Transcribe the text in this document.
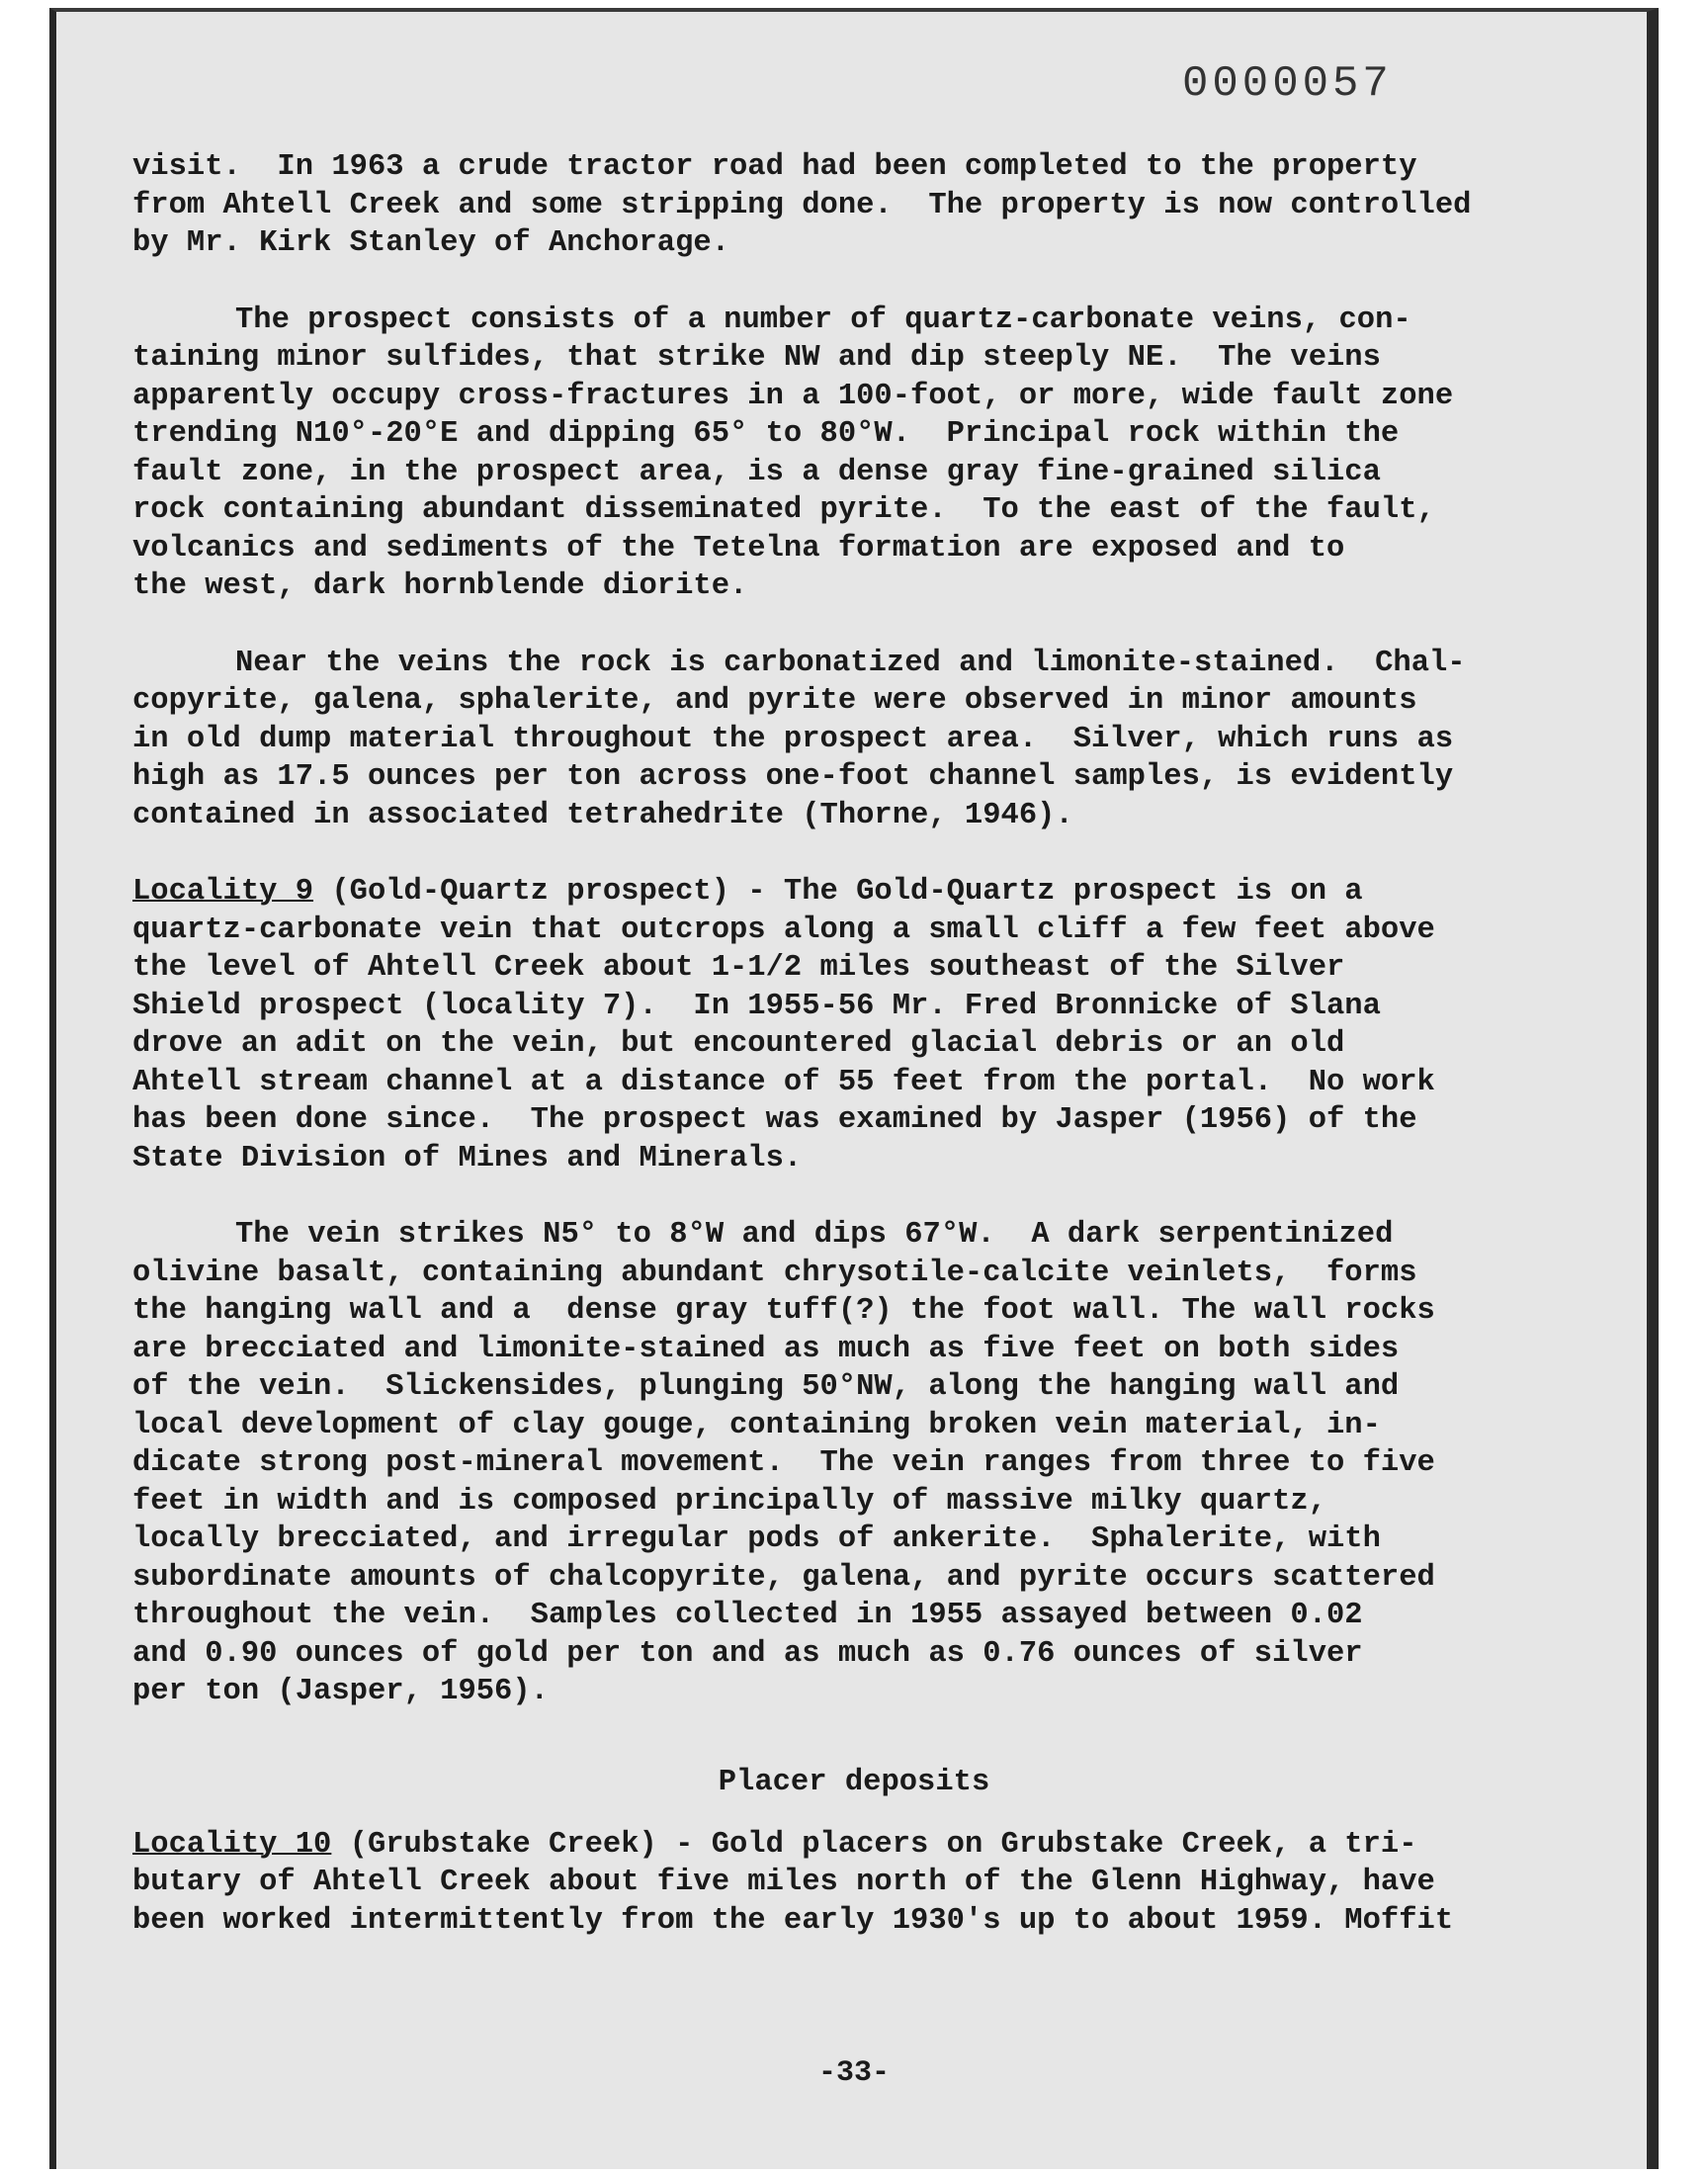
0000057
visit.  In 1963 a crude tractor road had been completed to the property
from Ahtell Creek and some stripping done.  The property is now controlled
by Mr. Kirk Stanley of Anchorage.
The prospect consists of a number of quartz-carbonate veins, con-
taining minor sulfides, that strike NW and dip steeply NE.  The veins
apparently occupy cross-fractures in a 100-foot, or more, wide fault zone
trending N10°-20°E and dipping 65° to 80°W.  Principal rock within the
fault zone, in the prospect area, is a dense gray fine-grained silica
rock containing abundant disseminated pyrite.  To the east of the fault,
volcanics and sediments of the Tetelna formation are exposed and to
the west, dark hornblende diorite.
Near the veins the rock is carbonatized and limonite-stained.  Chal-
copyrite, galena, sphalerite, and pyrite were observed in minor amounts
in old dump material throughout the prospect area.  Silver, which runs as
high as 17.5 ounces per ton across one-foot channel samples, is evidently
contained in associated tetrahedrite (Thorne, 1946).
Locality 9 (Gold-Quartz prospect) - The Gold-Quartz prospect is on a
quartz-carbonate vein that outcrops along a small cliff a few feet above
the level of Ahtell Creek about 1-1/2 miles southeast of the Silver
Shield prospect (locality 7).  In 1955-56 Mr. Fred Bronnicke of Slana
drove an adit on the vein, but encountered glacial debris or an old
Ahtell stream channel at a distance of 55 feet from the portal.  No work
has been done since.  The prospect was examined by Jasper (1956) of the
State Division of Mines and Minerals.
The vein strikes N5° to 8°W and dips 67°W.  A dark serpentinized
olivine basalt, containing abundant chrysotile-calcite veinlets,  forms
the hanging wall and a  dense gray tuff(?) the foot wall. The wall rocks
are brecciated and limonite-stained as much as five feet on both sides
of the vein.  Slickensides, plunging 50°NW, along the hanging wall and
local development of clay gouge, containing broken vein material, in-
dicate strong post-mineral movement.  The vein ranges from three to five
feet in width and is composed principally of massive milky quartz,
locally brecciated, and irregular pods of ankerite.  Sphalerite, with
subordinate amounts of chalcopyrite, galena, and pyrite occurs scattered
throughout the vein.  Samples collected in 1955 assayed between 0.02
and 0.90 ounces of gold per ton and as much as 0.76 ounces of silver
per ton (Jasper, 1956).
Locality 10 (Grubstake Creek) - Gold placers on Grubstake Creek, a tri-
butary of Ahtell Creek about five miles north of the Glenn Highway, have
been worked intermittently from the early 1930's up to about 1959. Moffit
Placer deposits
-33-
